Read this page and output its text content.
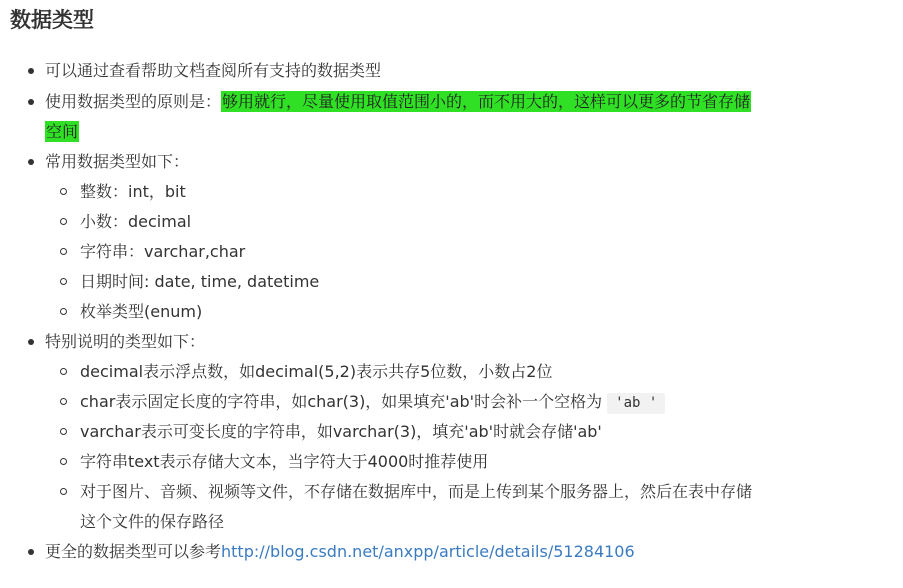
数据类型
可以通过查看帮助文档查阅所有支持的数据类型
使用数据类型的原则是：够用就行，尽量使用取值范围小的，而不用大的，这样可以更多的节省存储
空间
常用数据类型如下：
整数：int，bit
小数：decimal
字符串：varchar,char
日期时间: date, time, datetime
枚举类型(enum)
特别说明的类型如下：
decimal表示浮点数，如decimal(5,2)表示共存5位数，小数占2位
char表示固定长度的字符串，如char(3)，如果填充'ab'时会补一个空格为 'ab '
varchar表示可变长度的字符串，如varchar(3)，填充'ab'时就会存储'ab'
字符串text表示存储大文本，当字符大于4000时推荐使用
对于图片、音频、视频等文件，不存储在数据库中，而是上传到某个服务器上，然后在表中存储
这个文件的保存路径
更全的数据类型可以参考http://blog.csdn.net/anxpp/article/details/51284106
